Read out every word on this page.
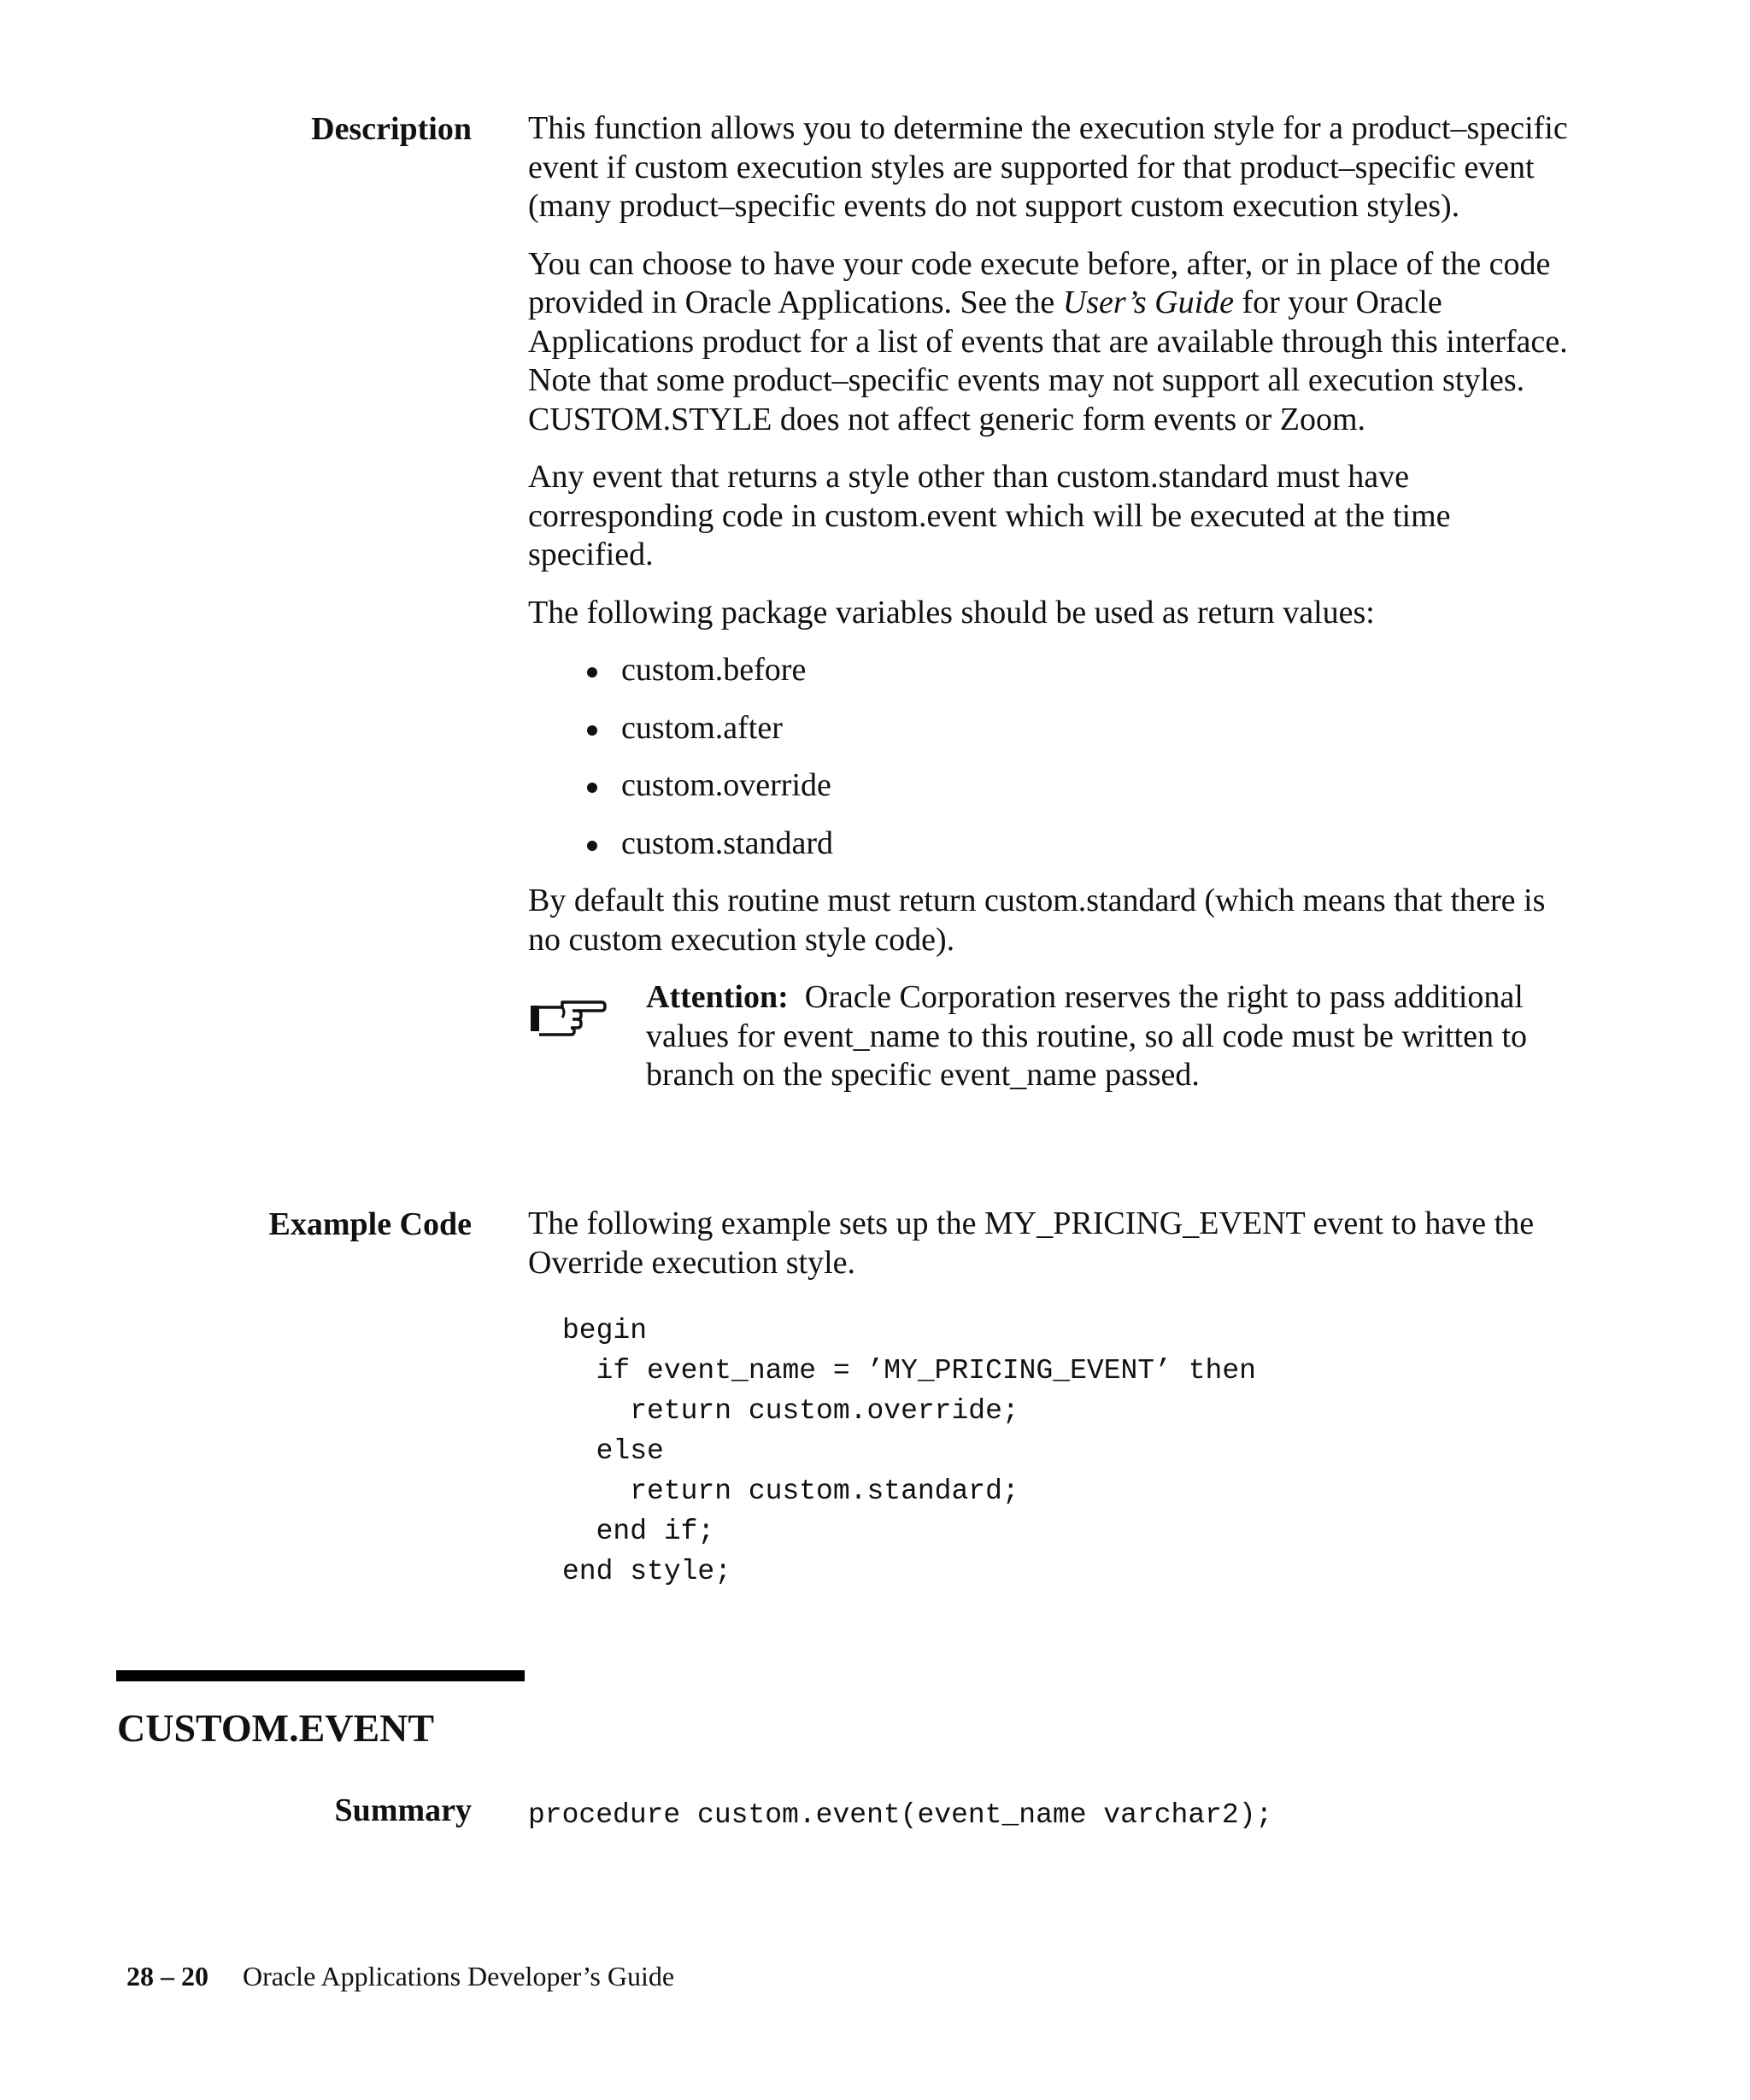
Description This function allows you to determine the execution style for a product–specific event if custom execution styles are supported for that product–specific event (many product–specific events do not support custom execution styles).

You can choose to have your code execute before, after, or in place of the code provided in Oracle Applications. See the User’s Guide for your Oracle Applications product for a list of events that are available through this interface. Note that some product–specific events may not support all execution styles. CUSTOM.STYLE does not affect generic form events or Zoom.

Any event that returns a style other than custom.standard must have corresponding code in custom.event which will be executed at the time specified.

The following package variables should be used as return values:

custom.before
custom.after
custom.override
custom.standard

By default this routine must return custom.standard (which means that there is no custom execution style code).

Attention: Oracle Corporation reserves the right to pass additional values for event_name to this routine, so all code must be written to branch on the specific event_name passed.
Example Code The following example sets up the MY_PRICING_EVENT event to have the Override execution style.

begin
if event_name = ’MY_PRICING_EVENT’ then
return custom.override;
else
return custom.standard;
end if;
end style;
CUSTOM.EVENT
Summary procedure custom.event(event_name varchar2);
28 – 20 Oracle Applications Developer’s Guide
